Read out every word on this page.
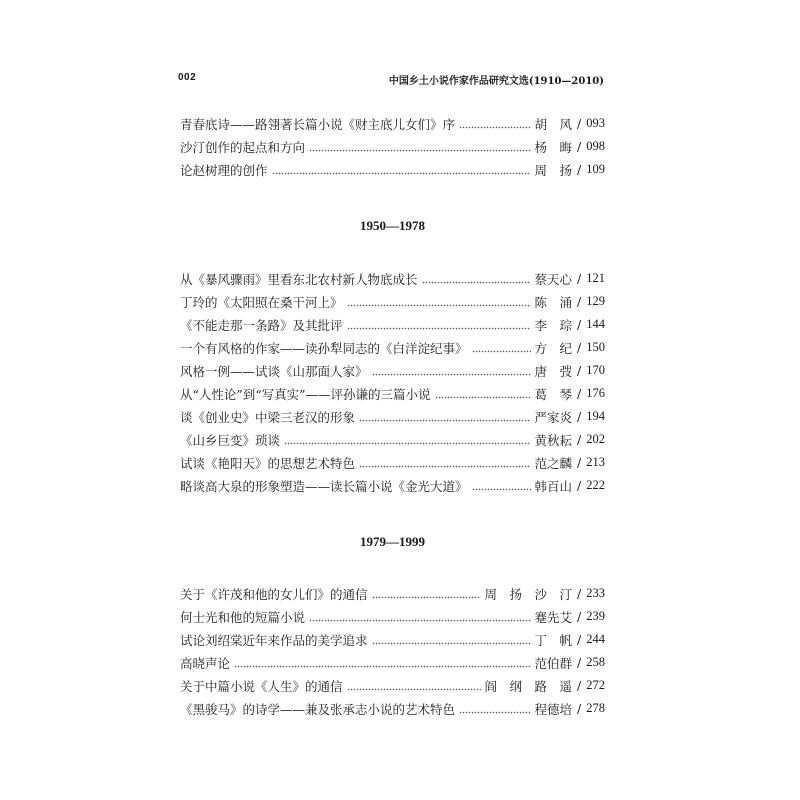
002	中国乡土小说作家作品研究文选(1910—2010)
青春底诗——路翎著长篇小说《财主底儿女们》序	胡　风 / 093
沙汀创作的起点和方向	杨　晦 / 098
论赵树理的创作	周　扬 / 109
1950—1978
从《暴风骤雨》里看东北农村新人物底成长	蔡天心 / 121
丁玲的《太阳照在桑干河上》	陈　涌 / 129
《不能走那一条路》及其批评	李　琮 / 144
一个有风格的作家——读孙犁同志的《白洋淀纪事》	方　纪 / 150
风格一例——试谈《山那面人家》	唐　弢 / 170
从“人性论”到“写真实”——评孙谦的三篇小说	葛　琴 / 176
谈《创业史》中梁三老汉的形象	严家炎 / 194
《山乡巨变》琐谈	黄秋耘 / 202
试谈《艳阳天》的思想艺术特色	范之麟 / 213
略谈高大泉的形象塑造——读长篇小说《金光大道》	韩百山 / 222
1979—1999
关于《许茂和他的女儿们》的通信	周　扬　沙　汀 / 233
何士光和他的短篇小说	蹇先艾 / 239
试论刘绍棠近年来作品的美学追求	丁　帆 / 244
高晓声论	范伯群 / 258
关于中篇小说《人生》的通信	阎　纲　路　遥 / 272
《黑骏马》的诗学——兼及张承志小说的艺术特色	程德培 / 278
